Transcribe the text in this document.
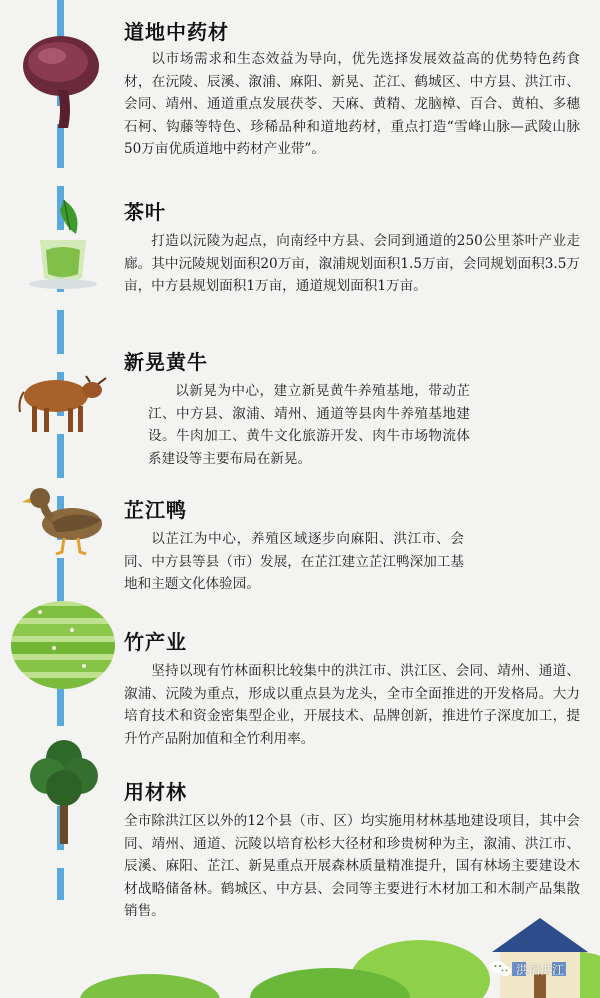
道地中药材
以市场需求和生态效益为导向，优先选择发展效益高的优势特色药食材，在沅陵、辰溪、溆浦、麻阳、新晃、芷江、鹤城区、中方县、洪江市、会同、靖州、通道重点发展茯苓、天麻、黄精、龙脑樟、百合、黄柏、多穗石柯、钩藤等特色、珍稀品种和道地药材，重点打造“雪峰山脉—武陵山脉50万亩优质道地中药材产业带”。
茶叶
打造以沅陵为起点，向南经中方县、会同到通道的250公里茶叶产业走廊。其中沅陵规划面积20万亩，溆浦规划面积1.5万亩，会同规划面积3.5万亩，中方县规划面积1万亩，通道规划面积1万亩。
新晃黄牛
以新晃为中心，建立新晃黄牛养殖基地，带动芷江、中方县、溆浦、靖州、通道等县肉牛养殖基地建设。牛肉加工、黄牛文化旅游开发、肉牛市场物流体系建设等主要布局在新晃。
芷江鸭
以芷江为中心，养殖区域逐步向麻阳、洪江市、会同、中方县等县（市）发展，在芷江建立芷江鸭深加工基地和主题文化体验园。
竹产业
坚持以现有竹林面积比较集中的洪江市、洪江区、会同、靖州、通道、溆浦、沅陵为重点，形成以重点县为龙头，全市全面推进的开发格局。大力培育技术和资金密集型企业，开展技术、品牌创新，推进竹子深度加工，提升竹产品附加值和全竹利用率。
用材林
全市除洪江区以外的12个县（市、区）均实施用材林基地建设项目，其中会同、靖州、通道、沅陵以培育松杉大径材和珍贵树种为主，溆浦、洪江市、辰溪、麻阳、芷江、新晃重点开展森林质量精准提升，国有林场主要建设木材战略储备林。鹤城区、中方县、会同等主要进行木材加工和木制产品集散销售。
洪福洪江
